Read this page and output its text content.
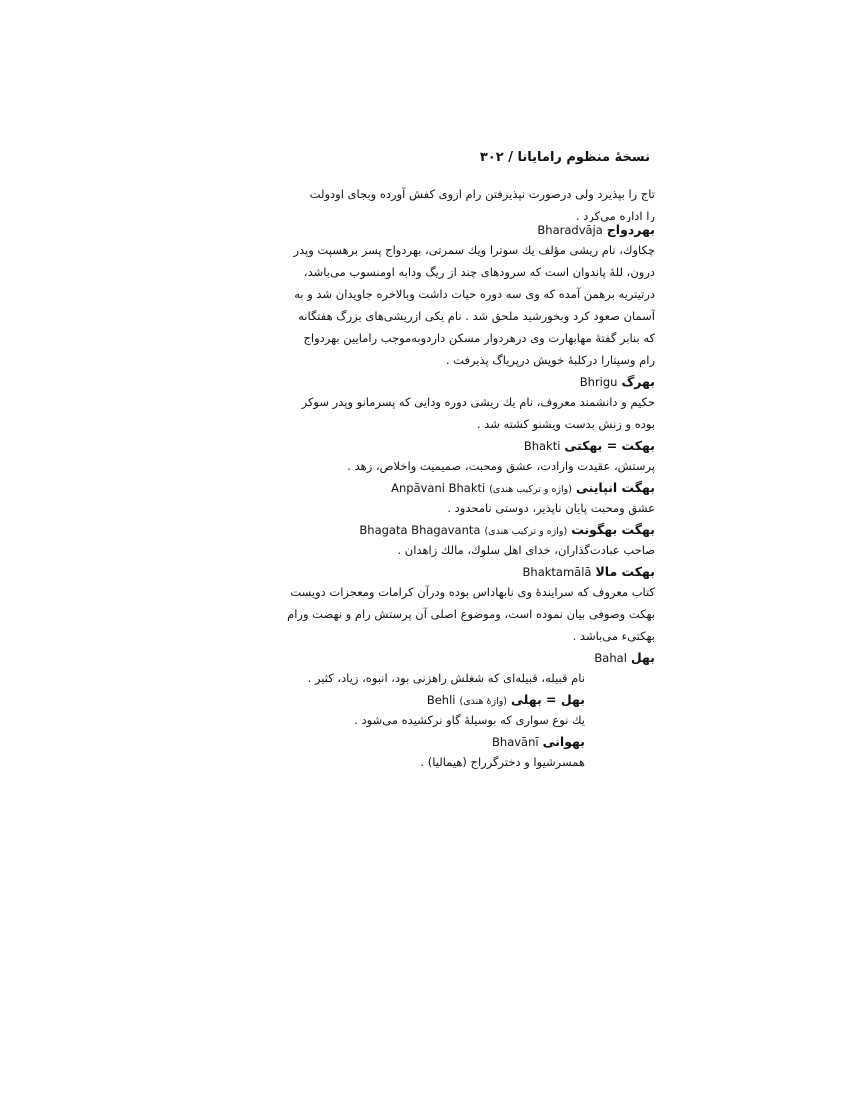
نسخهٔ منظوم رامایانا / ۳۰۲
تاج را بپذیرد ولی درصورت نپذیرفتن رام ازوی کفش آورده وبجای اودولت
را اداره می‌کرد .
بهردواجBharadvāja
چکاوك، نام ریشی مؤلف یك سوترا ویك سمرتی، بهردواج پسر برهسپت وپدر
درون، للهٔ پاندوان است که سرودهای چند از ریگ ودابه اومنسوب می‌باشد،
درتیتریه برهمن آمده که وی سه دوره حیات داشت وبالاخره جاویدان شد و به
آسمان صعود کرد وبخورشید ملحق شد . نام یکی ازریشی‌های بزرگ هفتگانه
که بنابر گفتهٔ مهابهارت وی درهردوار مسکن داردوبه‌موجب رامایین بهردواج
رام وسیتارا درکلبهٔ خویش درپریاگ پذیرفت .
بهرگBhrigu
حکیم و دانشمند معروف، نام یك ریشی دوره ودایی که پسرمانو وپدر سوکر
بوده و زنش بدست ویشنو کشته شد .
بهکت = بهکتیBhakti
پرستش، عقیدت وارادت، عشق ومحبت، صمیمیت واخلاص، زهد .
بهگت انپاینی(واژه و ترکیب هندی)Anpāvani Bhakti
عشق ومحبت پایان ناپذیر، دوستی نامحدود .
بهگت بهگونت(واژه و ترکیب هندی)Bhagata Bhagavanta
صاحب عبادت‌گذاران، خدای اهل سلوك، مالك زاهدان .
بهکت مالاBhaktamālā
کتاب معروف که سرایندهٔ وی نابهاداس بوده ودرآن کرامات ومعجزات دویست
بهکت وصوفی بیان نموده است، وموضوع اصلی آن پرستش رام و نهضت ورام
بهکتیء می‌باشد .
بهلBahal
نام قبیله، قبیله‌ای که شغلش راهزنی بود، انبوه، زیاد، کثیر .
بهل = بهلی(واژهٔ هندی)Behli
یك نوع سواری که بوسیلهٔ گاو نرکشیده می‌شود .
بهوانیBhavānī
همسرشیوا و دخترگرراج (هیمالیا) .
